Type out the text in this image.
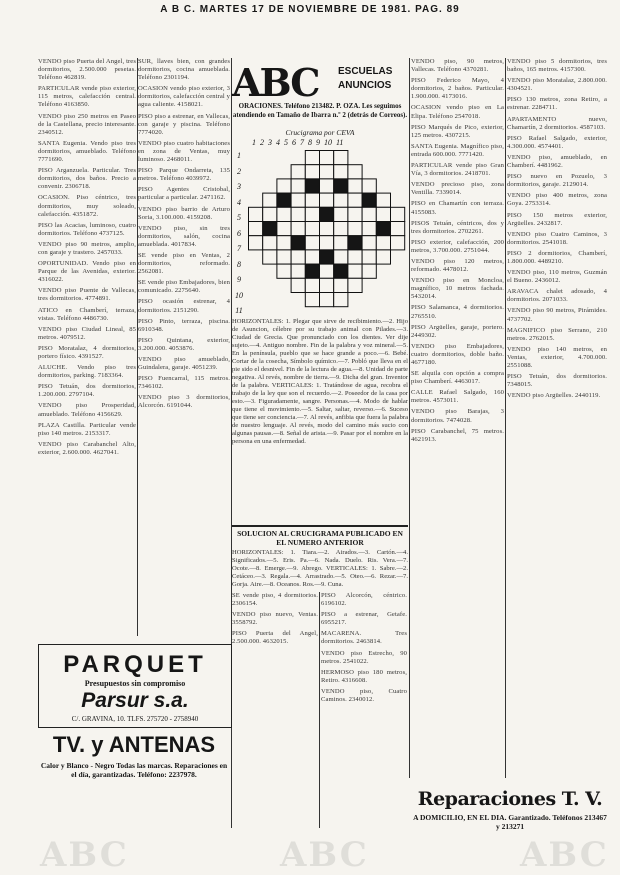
A B C. MARTES 17 DE NOVIEMBRE DE 1981. PAG. 89
VENDO piso Puerta del Angel, tres dormitorios, 2.500.000 pesetas. Teléfono 462819.
PARTICULAR vende piso exterior, 115 metros, calefacción central. Teléfono 4163850.
VENDO piso 250 metros en Paseo de la Castellana, precio interesante. 2340512.
SANTA Eugenia. Vendo piso tres dormitorios, amueblado. Teléfono 7771690.
PISO Arganzuela. Particular. Tres dormitorios, dos baños. Precio a convenir. 2306718.
OCASION. Piso céntrico, tres dormitorios, muy soleado, calefacción. 4351872.
PISO las Acacias, luminoso, cuatro dormitorios. Teléfono 4737125.
VENDO piso 90 metros, amplio, con garaje y trastero. 2457033.
OPORTUNIDAD. Vendo piso en Parque de las Avenidas, exterior. 4316022.
VENDO piso Puente de Vallecas, tres dormitorios. 4774891.
ATICO en Chamberí, terraza, vistas. Teléfono 4486730.
VENDO piso Ciudad Lineal, 85 metros. 4079512.
PISO Moratalaz, 4 dormitorios, portero físico. 4391527.
ALUCHE. Vendo piso tres dormitorios, parking. 7183364.
PISO Tetuán, dos dormitorios, 1.200.000. 2797104.
VENDO piso Prosperidad, amueblado. Teléfono 4156629.
PLAZA Castilla. Particular vende piso 140 metros. 2153317.
VENDO piso Carabanchel Alto, exterior, 2.600.000. 4627041.
SUR, llaves bien, con grandes dormitorios, cocina amueblada. Teléfono 2301194.
OCASION vendo piso exterior, 3 dormitorios, calefacción central y agua caliente. 4158021.
PISO piso a estrenar, en Vallecas, con garaje y piscina. Teléfono 7774020.
VENDO piso cuatro habitaciones en zona de Ventas, muy luminoso. 2468011.
PISO Parque Ondarreta, 135 metros. Teléfono 4039972.
PISO Agentes Cristobal, particular a particular. 2471162.
VENDO piso barrio de Arturo Soria, 3.100.000. 4159208.
VENDO piso, sin tres dormitorios, salón, cocina amueblada. 4017834.
SE vende piso en Ventas, 2 dormitorios, reformado. 2562081.
SE vende piso Embajadores, bien comunicado. 2275640.
PISO ocasión estrenar, 4 dormitorios. 2151290.
PISO Pinto, terraza, piscina. 6910348.
PISO Quintana, exterior, 3.200.000. 4053876.
VENDO piso amueblado, Guindalera, garaje. 4051239.
PISO Fuencarral, 115 metros. 7346102.
VENDO piso 3 dormitorios, Alcorcón. 6191044.
VENDO piso, 90 metros, Vallecas. Teléfono 4370281.
PISO Federico Mayo, 4 dormitorios, 2 baños. Particular. 1.900.000. 4173016.
OCASION vendo piso en La Elipa. Teléfono 2547018.
PISO Marqués de Pico, exterior, 125 metros. 4307215.
SANTA Eugenia. Magnífico piso, entrada 600.000. 7771420.
PARTICULAR vende piso Gran Vía, 3 dormitorios. 2418701.
VENDO precioso piso, zona Ventilla. 7339014.
PISO en Chamartín con terraza. 4155083.
PISOS Tetuán, céntricos, dos y tres dormitorios. 2702261.
PISO exterior, calefacción, 200 metros, 3.700.000. 2751044.
VENDO piso 120 metros, reformado. 4478012.
VENDO piso en Moncloa, magnífico, 10 metros fachada. 5432014.
PISO Salamanca, 4 dormitorios. 2765510.
PISO Argüelles, garaje, portero. 2449302.
VENDO piso Embajadores, cuatro dormitorios, doble baño. 4677180.
SE alquila con opción a compra piso Chamberí. 4463017.
CALLE Rafael Salgado, 160 metros. 4573011.
VENDO piso Barajas, 3 dormitorios. 7474028.
PISO Carabanchel, 75 metros. 4621913.
VENDO piso 5 dormitorios, tres baños, 165 metros. 4157300.
VENDO piso Moratalaz, 2.800.000. 4304521.
PISO 130 metros, zona Retiro, a estrenar. 2284711.
APARTAMENTO nuevo, Chamartín, 2 dormitorios. 4587103.
PISO Rafael Salgado, exterior, 4.300.000. 4574401.
VENDO piso, amueblado, en Chamberí. 4481962.
PISO nuevo en Pozuelo, 3 dormitorios, garaje. 2129014.
VENDO piso 400 metros, zona Goya. 2753314.
PISO 150 metros exterior, Argüelles. 2432817.
VENDO piso Cuatro Caminos, 3 dormitorios. 2541018.
PISO 2 dormitorios, Chamberí, 1.800.000. 4489210.
VENDO piso, 110 metros, Guzmán el Bueno. 2436012.
ARAVACA chalet adosado, 4 dormitorios. 2071033.
VENDO piso 90 metros, Pirámides. 4737702.
MAGNIFICO piso Serrano, 210 metros. 2762015.
VENDO piso 140 metros, en Ventas, exterior, 4.700.000. 2551088.
PISO Tetuán, dos dormitorios. 7348015.
VENDO piso Argüelles. 2440119.
ABC ESCUELAS
ANUNCIOS
ORACIONES. Teléfono 213482. P. OZA. Les seguimos atendiendo en Tamaño de Ibarra n.º 2 (detrás de Correos).
Crucigrama por CEVA
1 2 3 4 5 6 7 8 9 10 11
1
2
3
4
5
6
7
8
9
10
11
HORIZONTALES: 1. Plegar que sirve de recibimiento.—2. Hijo de Asuncion, célebre por su trabajo animal con Pilades.—3. Ciudad de Grecia. Que pronunciado con los dientes. Ver dije sujeto.—4. Antiguo nombre. Fin de la palabra y voz mineral.—5. En la península, pueblo que se hace grande a poco.—6. Bebé. Cortar de la cosecha, Símbolo químico.—7. Pobló que lleva en el pie sido el desnivel. Fin de la lectura de agua.—8. Unidad de parte negativa. Al revés, nombre de tierra.—9. Dicha del gran. Inventor de la palabra. VERTICALES: 1. Tratándose de agua, recobra el trabajo de la ley que son el recuerdo.—2. Poseedor de la casa por esto.—3. Figuradamente, sangre. Personas.—4. Modo de hablar que tiene el movimiento.—5. Saltar, saltar, reverso.—6. Suceso que tiene ser conciencia.—7. Al revés, anfibia que fuera la palabra de nuestro lenguaje. Al revés, modo del camino más sucio con algunas pausas.—8. Señal de arista.—9. Pasar por el nombre en la persona en una enfermedad.
SOLUCION AL CRUCIGRAMA PUBLICADO EN EL NUMERO ANTERIOR
HORIZONTALES: 1. Tiara.—2. Airados.—3. Cartón.—4. Significados.—5. Eris. Pa.—6. Nada. Duelo. Ris. Vera.—7. Ocote.—8. Emerge.—9. Abrego. VERTICALES: 1. Sabre.—2. Cetáceo.—3. Regala.—4. Arrastrado.—5. Oteo.—6. Rezar.—7. Gorja. Aire.—8. Oceanos. Ros.—9. Cuna.
SE vende piso, 4 dormitorios. 2306154.
VENDO piso nuevo, Ventas. 3558792.
PISO Puerta del Angel, 2.500.000. 4632015.
PISO Alcorcón, céntrico. 6196102.
PISO a estrenar, Getafe. 6955217.
MACARENA. Tres dormitorios. 2463814.
VENDO piso Estrecho, 90 metros. 2541022.
HERMOSO piso 180 metros, Retiro. 4316608.
VENDO piso, Cuatro Caminos. 2340012.
PARQUET
Presupuestos sin compromiso
Parsur s.a.
C/. GRAVINA, 10. TLFS. 275720 - 2758940
TV. y ANTENAS
Calor y Blanco - Negro Todas las marcas. Reparaciones en el día, garantizadas. Teléfono: 2237978.
Reparaciones T. V.
A DOMICILIO, EN EL DIA. Garantizado. Teléfonos 213467 y 213271
ABC	ABC	ABC
